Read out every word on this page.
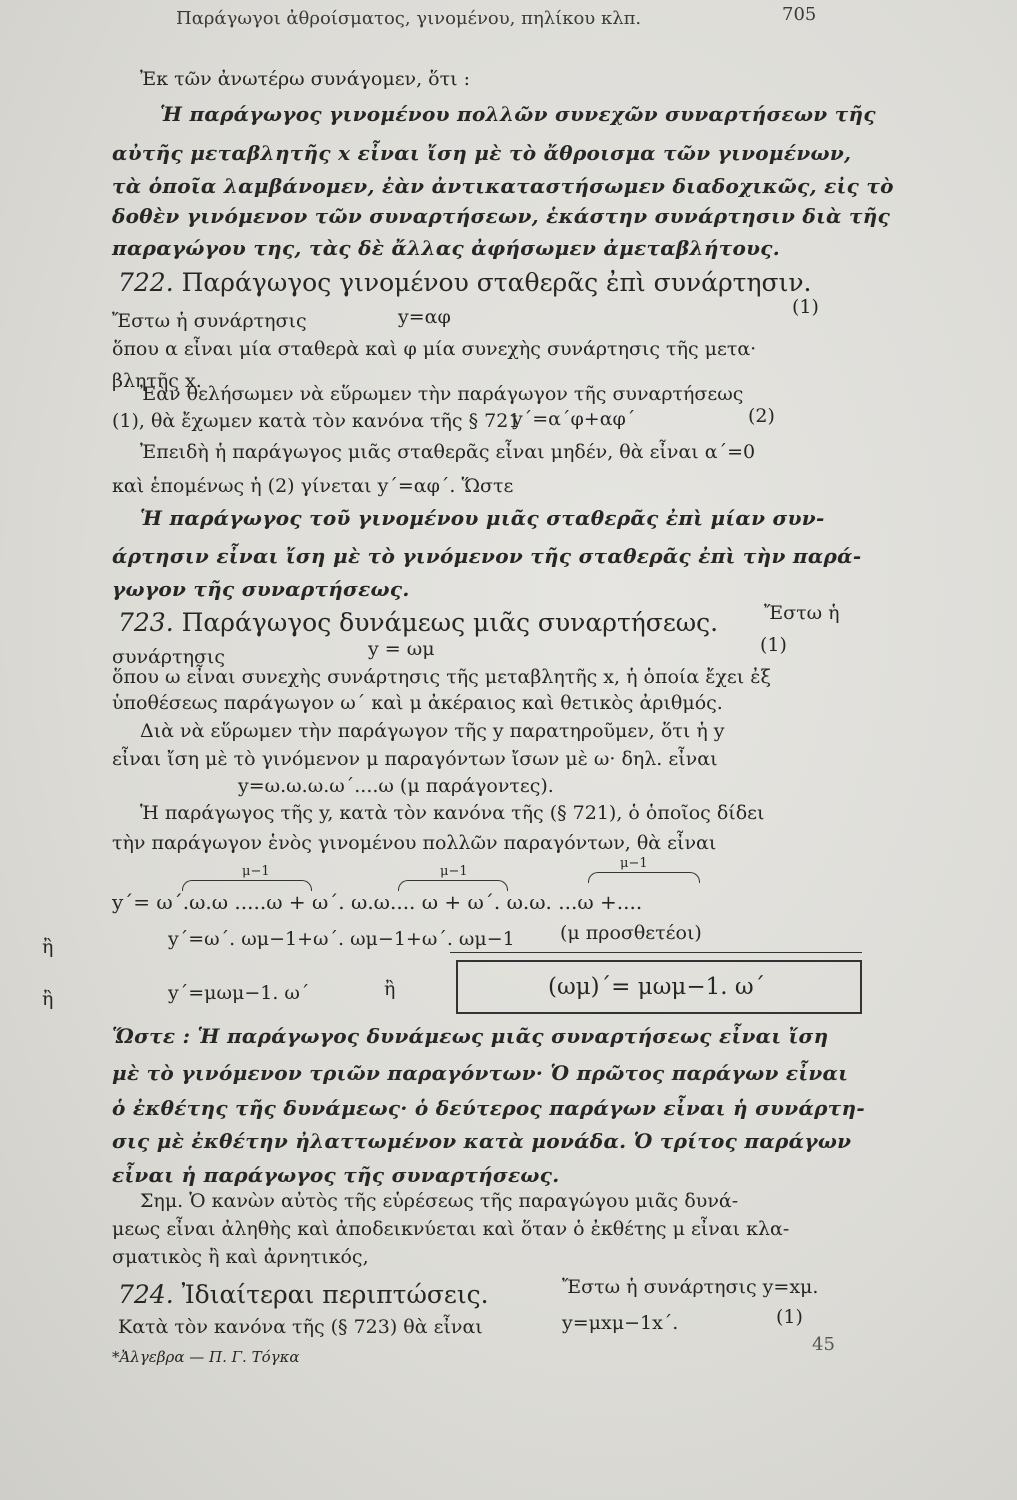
Παράγωγοι ἀθροίσματος, γινομένου, πηλίκου κλπ.	705
Ἐκ τῶν ἀνωτέρω συνάγομεν, ὅτι :
Ἡ παράγωγος γινομένου πολλῶν συνεχῶν συναρτήσεων τῆς
αὐτῆς μεταβλητῆς x εἶναι ἴση μὲ τὸ ἄθροισμα τῶν γινομένων,
τὰ ὁποῖα λαμβάνομεν, ἐὰν ἀντικαταστήσωμεν διαδοχικῶς, εἰς τὸ
δοθὲν γινόμενον τῶν συναρτήσεων, ἑκάστην συνάρτησιν διὰ τῆς
παραγώγου της, τὰς δὲ ἄλλας ἀφήσωμεν ἀμεταβλήτους.
722. Παράγωγος γινομένου σταθερᾶς ἐπὶ συνάρτησιν.
Ἔστω ἡ συνάρτησις	y=αφ	(1)
ὅπου α εἶναι μία σταθερὰ καὶ φ μία συνεχὴς συνάρτησις τῆς μετα·
βλητῆς x.
Ἐὰν θελήσωμεν νὰ εὕρωμεν τὴν παράγωγον τῆς συναρτήσεως
(1), θὰ ἔχωμεν κατὰ τὸν κανόνα τῆς § 721
y΄=α΄φ+αφ΄	(2)
Ἐπειδὴ ἡ παράγωγος μιᾶς σταθερᾶς εἶναι μηδέν, θὰ εἶναι α΄=0
καὶ ἑπομένως ἡ (2) γίνεται y΄=αφ΄. Ὥστε
Ἡ παράγωγος τοῦ γινομένου μιᾶς σταθερᾶς ἐπὶ μίαν συν-
άρτησιν εἶναι ἴση μὲ τὸ γινόμενον τῆς σταθερᾶς ἐπὶ τὴν παρά-
γωγον τῆς συναρτήσεως.
723. Παράγωγος δυνάμεως μιᾶς συναρτήσεως. Ἔστω ἡ
συνάρτησις	y = ωμ	(1)
ὅπου ω εἶναι συνεχὴς συνάρτησις τῆς μεταβλητῆς x, ἡ ὁποία ἔχει ἐξ
ὑποθέσεως παράγωγον ω΄ καὶ μ ἀκέραιος καὶ θετικὸς ἀριθμός.
Διὰ νὰ εὕρωμεν τὴν παράγωγον τῆς y παρατηροῦμεν, ὅτι ἡ y
εἶναι ἴση μὲ τὸ γινόμενον μ παραγόντων ἴσων μὲ ω· δηλ. εἶναι
y=ω.ω.ω.ω΄....ω (μ παράγοντες).
Ἡ παράγωγος τῆς y, κατὰ τὸν κανόνα τῆς (§ 721), ὁ ὁποῖος δίδει
τὴν παράγωγον ἑνὸς γινομένου πολλῶν παραγόντων, θὰ εἶναι
μ−1	μ−1
μ−1
y΄= ω΄.ω.ω .....ω + ω΄. ω.ω.... ω + ω΄. ω.ω. ...ω +....
ἢ	y΄=ω΄. ωμ−1+ω΄. ωμ−1+ω΄. ωμ−1 (μ προσθετέοι)
ἢ	y΄=μωμ−1. ω΄	ἢ	(ωμ)΄= μωμ−1. ω΄
Ὥστε : Ἡ παράγωγος δυνάμεως μιᾶς συναρτήσεως εἶναι ἴση
μὲ τὸ γινόμενον τριῶν παραγόντων· Ὁ πρῶτος παράγων εἶναι
ὁ ἐκθέτης τῆς δυνάμεως· ὁ δεύτερος παράγων εἶναι ἡ συνάρτη-
σις μὲ ἐκθέτην ἠλαττωμένον κατὰ μονάδα. Ὁ τρίτος παράγων
εἶναι ἡ παράγωγος τῆς συναρτήσεως.
Σημ. Ὁ κανὼν αὐτὸς τῆς εὑρέσεως τῆς παραγώγου μιᾶς δυνά-
μεως εἶναι ἀληθὴς καὶ ἀποδεικνύεται καὶ ὅταν ὁ ἐκθέτης μ εἶναι κλα-
σματικὸς ἢ καὶ ἀρνητικός,
724. Ἰδιαίτεραι περιπτώσεις.	Ἔστω ἡ συνάρτησις y=xμ.
Κατὰ τὸν κανόνα τῆς (§ 723) θὰ εἶναι	y=μxμ−1x΄.	(1)
*Ἀλγεβρα — Π. Γ. Τόγκα
45
